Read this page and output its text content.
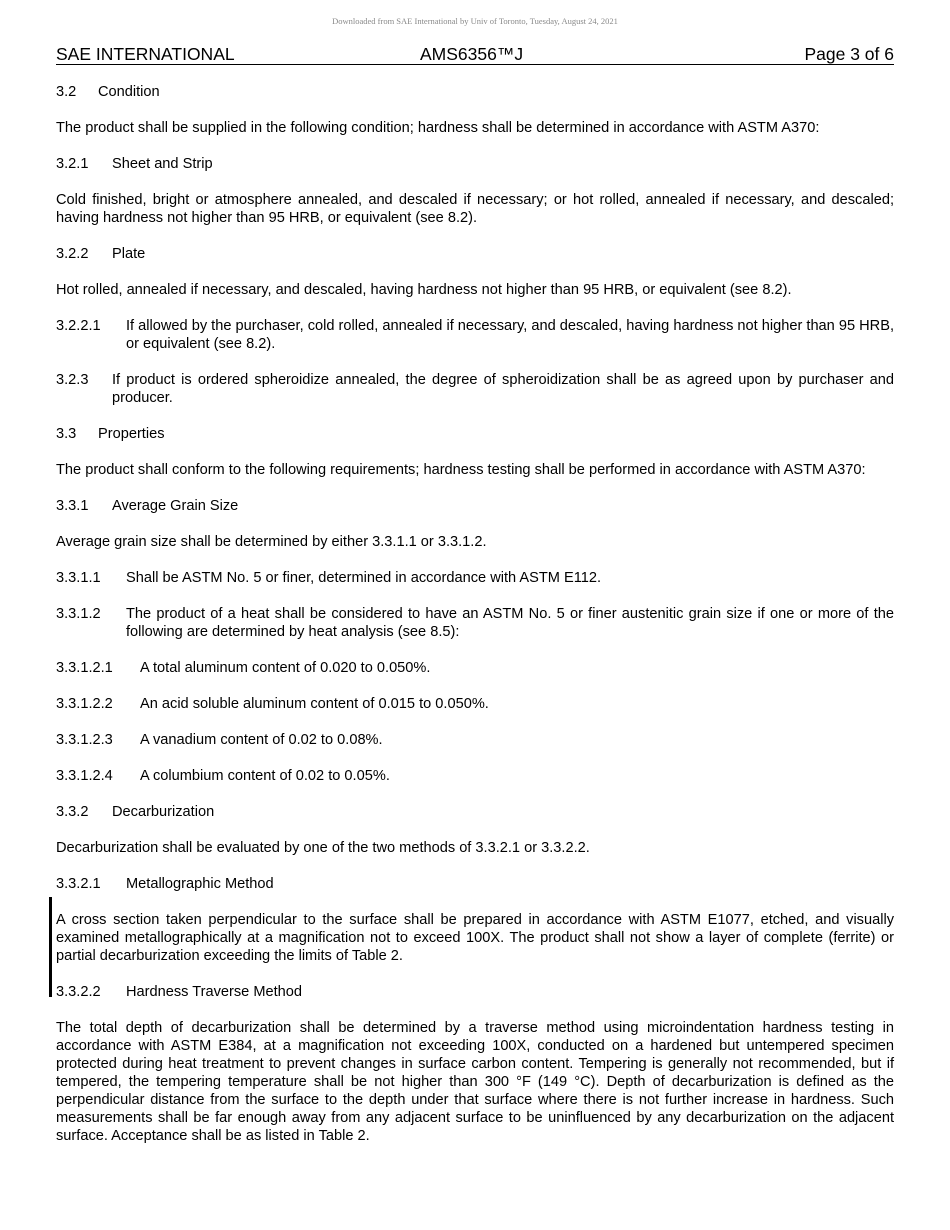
Downloaded from SAE International by Univ of Toronto, Tuesday, August 24, 2021
SAE INTERNATIONAL	AMS6356™J	Page 3 of 6
3.2	Condition

The product shall be supplied in the following condition; hardness shall be determined in accordance with ASTM A370:

3.2.1	Sheet and Strip

Cold finished, bright or atmosphere annealed, and descaled if necessary; or hot rolled, annealed if necessary, and descaled; having hardness not higher than 95 HRB, or equivalent (see 8.2).

3.2.2	Plate

Hot rolled, annealed if necessary, and descaled, having hardness not higher than 95 HRB, or equivalent (see 8.2).

3.2.2.1	If allowed by the purchaser, cold rolled, annealed if necessary, and descaled, having hardness not higher than 95 HRB, or equivalent (see 8.2).
3.2.3	If product is ordered spheroidize annealed, the degree of spheroidization shall be as agreed upon by purchaser and producer.
3.3	Properties

The product shall conform to the following requirements; hardness testing shall be performed in accordance with ASTM A370:

3.3.1	Average Grain Size

Average grain size shall be determined by either 3.3.1.1 or 3.3.1.2.

3.3.1.1	Shall be ASTM No. 5 or finer, determined in accordance with ASTM E112.
3.3.1.2	The product of a heat shall be considered to have an ASTM No. 5 or finer austenitic grain size if one or more of the following are determined by heat analysis (see 8.5):
3.3.1.2.1	A total aluminum content of 0.020 to 0.050%.
3.3.1.2.2	An acid soluble aluminum content of 0.015 to 0.050%.
3.3.1.2.3	A vanadium content of 0.02 to 0.08%.
3.3.1.2.4	A columbium content of 0.02 to 0.05%.
3.3.2	Decarburization

Decarburization shall be evaluated by one of the two methods of 3.3.2.1 or 3.3.2.2.

3.3.2.1	Metallographic Method

A cross section taken perpendicular to the surface shall be prepared in accordance with ASTM E1077, etched, and visually examined metallographically at a magnification not to exceed 100X. The product shall not show a layer of complete (ferrite) or partial decarburization exceeding the limits of Table 2.

3.3.2.2	Hardness Traverse Method

The total depth of decarburization shall be determined by a traverse method using microindentation hardness testing in accordance with ASTM E384, at a magnification not exceeding 100X, conducted on a hardened but untempered specimen protected during heat treatment to prevent changes in surface carbon content. Tempering is generally not recommended, but if tempered, the tempering temperature shall be not higher than 300 °F (149 °C). Depth of decarburization is defined as the perpendicular distance from the surface to the depth under that surface where there is not further increase in hardness. Such measurements shall be far enough away from any adjacent surface to be uninfluenced by any decarburization on the adjacent surface. Acceptance shall be as listed in Table 2.
